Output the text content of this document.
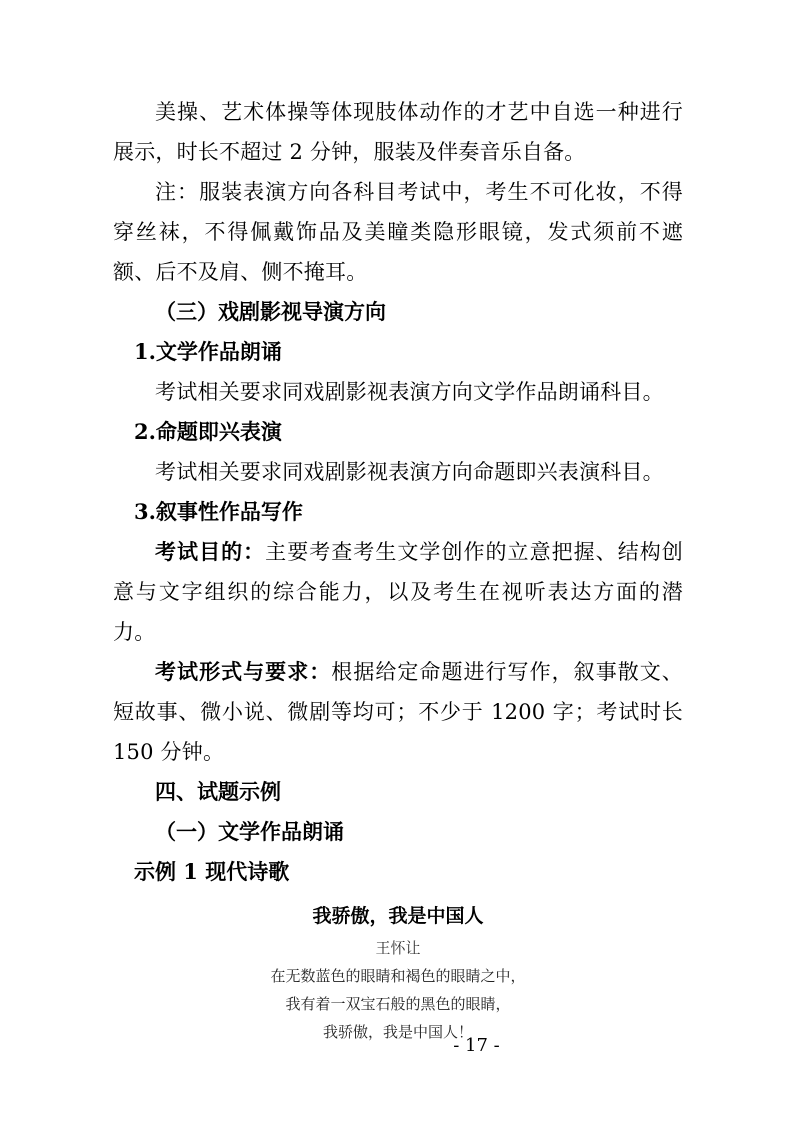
美操、艺术体操等体现肢体动作的才艺中自选一种进行展示，时长不超过 2 分钟，服装及伴奏音乐自备。

注：服装表演方向各科目考试中，考生不可化妆，不得穿丝袜，不得佩戴饰品及美瞳类隐形眼镜，发式须前不遮额、后不及肩、侧不掩耳。

（三）戏剧影视导演方向

1.文学作品朗诵

考试相关要求同戏剧影视表演方向文学作品朗诵科目。

2.命题即兴表演

考试相关要求同戏剧影视表演方向命题即兴表演科目。

3.叙事性作品写作

考试目的：主要考查考生文学创作的立意把握、结构创意与文字组织的综合能力，以及考生在视听表达方面的潜力。

考试形式与要求：根据给定命题进行写作，叙事散文、短故事、微小说、微剧等均可；不少于 1200 字；考试时长 150 分钟。

四、试题示例

（一）文学作品朗诵

示例 1 现代诗歌

我骄傲，我是中国人

王怀让

在无数蓝色的眼睛和褐色的眼睛之中，

我有着一双宝石般的黑色的眼睛，

我骄傲，我是中国人！

- 17 -
